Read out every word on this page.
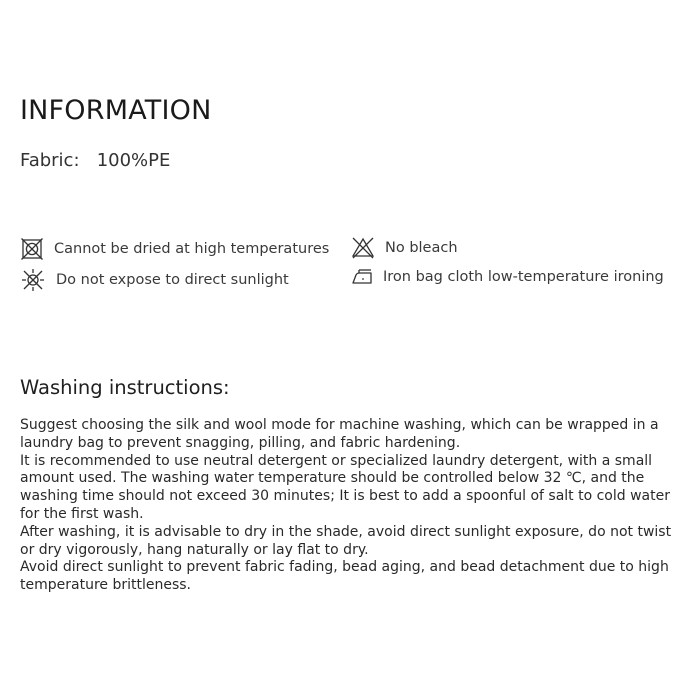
INFORMATION
Fabric: 100%PE
Cannot be dried at high temperatures	No bleach
Do not expose to direct sunlight	Iron bag cloth low-temperature ironing
Washing instructions:

Suggest choosing the silk and wool mode for machine washing, which can be wrapped in a laundry bag to prevent snagging, pilling, and fabric hardening.

It is recommended to use neutral detergent or specialized laundry detergent, with a small amount used. The washing water temperature should be controlled below 32 ℃, and the washing time should not exceed 30 minutes; It is best to add a spoonful of salt to cold water for the first wash.

After washing, it is advisable to dry in the shade, avoid direct sunlight exposure, do not twist or dry vigorously, hang naturally or lay flat to dry.

Avoid direct sunlight to prevent fabric fading, bead aging, and bead detachment due to high temperature brittleness.
